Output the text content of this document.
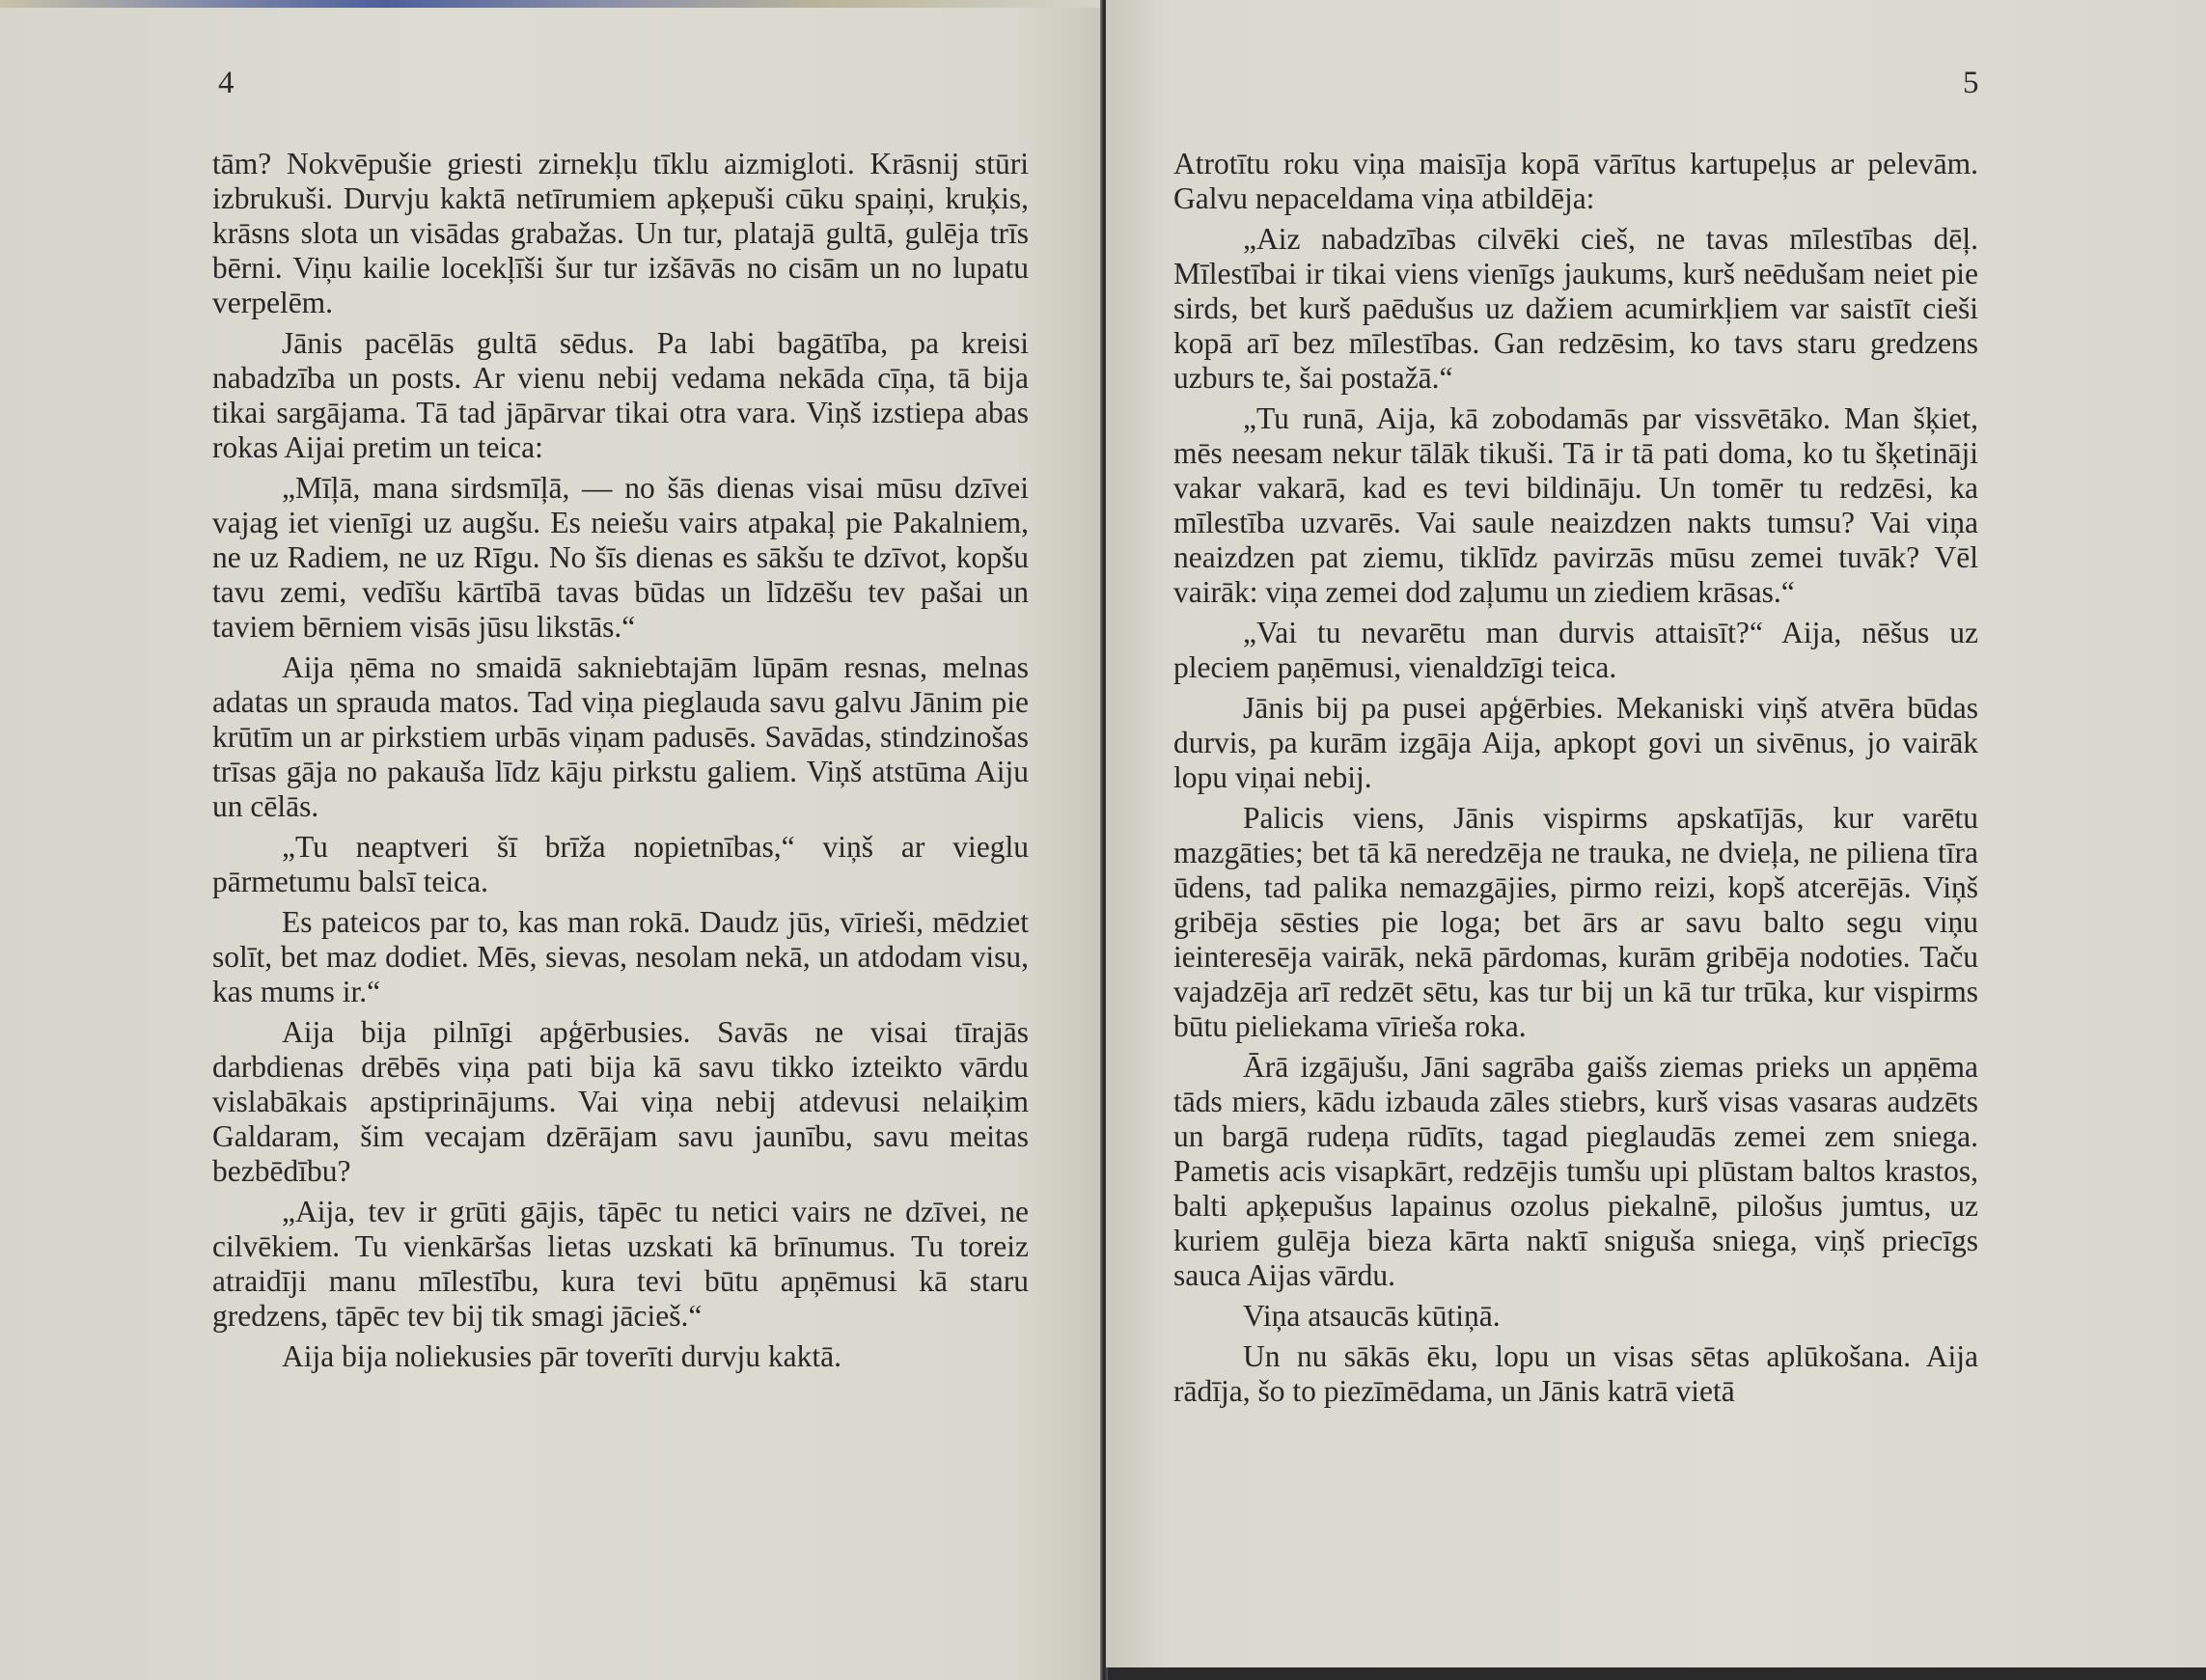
4

tām? Nokvēpušie griesti zirnekļu tīklu aizmigloti. Krāsnij stūri izbrukuši. Durvju kaktā netīrumiem apķepuši cūku spaiņi, kruķis, krāsns slota un visādas grabažas. Un tur, platajā gultā, gulēja trīs bērni. Viņu kailie locekļīši šur tur izšāvās no cisām un no lupatu verpelēm.

Jānis pacēlās gultā sēdus. Pa labi bagātība, pa kreisi nabadzība un posts. Ar vienu nebij vedama nekāda cīņa, tā bija tikai sargājama. Tā tad jāpārvar tikai otra vara. Viņš izstiepa abas rokas Aijai pretim un teica:

„Mīļā, mana sirdsmīļā, — no šās dienas visai mūsu dzīvei vajag iet vienīgi uz augšu. Es neiešu vairs atpakaļ pie Pakalniem, ne uz Radiem, ne uz Rīgu. No šīs dienas es sākšu te dzīvot, kopšu tavu zemi, vedīšu kārtībā tavas būdas un līdzēšu tev pašai un taviem bērniem visās jūsu likstās.“

Aija ņēma no smaidā sakniebtajām lūpām resnas, melnas adatas un sprauda matos. Tad viņa pieglauda savu galvu Jānim pie krūtīm un ar pirkstiem urbās viņam padusēs. Savādas, stindzinošas trīsas gāja no pakauša līdz kāju pirkstu galiem. Viņš atstūma Aiju un cēlās.

„Tu neaptveri šī brīža nopietnības,“ viņš ar vieglu pārmetumu balsī teica.

Es pateicos par to, kas man rokā. Daudz jūs, vīrieši, mēdziet solīt, bet maz dodiet. Mēs, sievas, nesolam nekā, un atdodam visu, kas mums ir.“

Aija bija pilnīgi apģērbusies. Savās ne visai tīrajās darbdienas drēbēs viņa pati bija kā savu tikko izteikto vārdu vislabākais apstiprinājums. Vai viņa nebij atdevusi nelaiķim Galdaram, šim vecajam dzērājam savu jaunību, savu meitas bezbēdību?

„Aija, tev ir grūti gājis, tāpēc tu netici vairs ne dzīvei, ne cilvēkiem. Tu vienkāršas lietas uzskati kā brīnumus. Tu toreiz atraidīji manu mīlestību, kura tevi būtu apņēmusi kā staru gredzens, tāpēc tev bij tik smagi jācieš.“

Aija bija noliekusies pār toverīti durvju kaktā.

5

Atrotītu roku viņa maisīja kopā vārītus kartupeļus ar pelevām. Galvu nepaceldama viņa atbildēja:

„Aiz nabadzības cilvēki cieš, ne tavas mīlestības dēļ. Mīlestībai ir tikai viens vienīgs jaukums, kurš neēdušam neiet pie sirds, bet kurš paēdušus uz dažiem acumirkļiem var saistīt cieši kopā arī bez mīlestības. Gan redzēsim, ko tavs staru gredzens uzburs te, šai postažā.“

„Tu runā, Aija, kā zobodamās par vissvētāko. Man šķiet, mēs neesam nekur tālāk tikuši. Tā ir tā pati doma, ko tu šķetināji vakar vakarā, kad es tevi bildināju. Un tomēr tu redzēsi, ka mīlestība uzvarēs. Vai saule neaizdzen nakts tumsu? Vai viņa neaizdzen pat ziemu, tiklīdz pavirzās mūsu zemei tuvāk? Vēl vairāk: viņa zemei dod zaļumu un ziediem krāsas.“

„Vai tu nevarētu man durvis attaisīt?“ Aija, nēšus uz pleciem paņēmusi, vienaldzīgi teica.

Jānis bij pa pusei apģērbies. Mekaniski viņš atvēra būdas durvis, pa kurām izgāja Aija, apkopt govi un sivēnus, jo vairāk lopu viņai nebij.

Palicis viens, Jānis vispirms apskatījās, kur varētu mazgāties; bet tā kā neredzēja ne trauka, ne dvieļa, ne piliena tīra ūdens, tad palika nemazgājies, pirmo reizi, kopš atcerējās. Viņš gribēja sēsties pie loga; bet ārs ar savu balto segu viņu ieinteresēja vairāk, nekā pārdomas, kurām gribēja nodoties. Taču vajadzēja arī redzēt sētu, kas tur bij un kā tur trūka, kur vispirms būtu pieliekama vīrieša roka.

Ārā izgājušu, Jāni sagrāba gaišs ziemas prieks un apņēma tāds miers, kādu izbauda zāles stiebrs, kurš visas vasaras audzēts un bargā rudeņa rūdīts, tagad pieglaudās zemei zem sniega. Pametis acis visapkārt, redzējis tumšu upi plūstam baltos krastos, balti apķepušus lapainus ozolus piekalnē, pilošus jumtus, uz kuriem gulēja bieza kārta naktī sniguša sniega, viņš priecīgs sauca Aijas vārdu.

Viņa atsaucās kūtiņā.

Un nu sākās ēku, lopu un visas sētas aplūkošana. Aija rādīja, šo to piezīmēdama, un Jānis katrā vietā
